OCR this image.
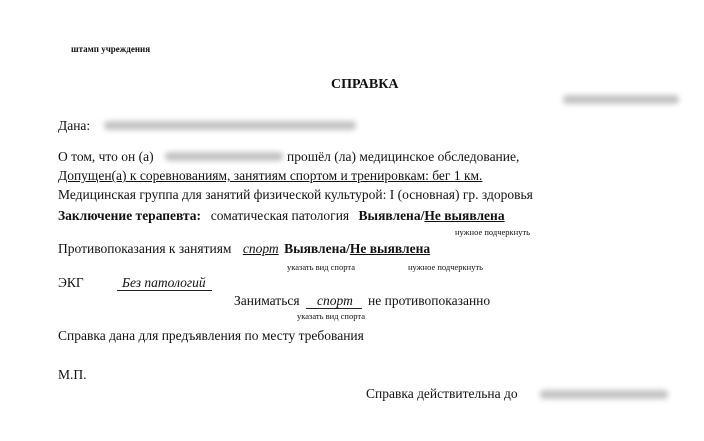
штамп учреждения
СПРАВКА
Дана:
О том, что он (а)	прошёл (ла) медицинское обследование,
Допущен(а) к соревнованиям, занятиям спортом и тренировкам: бег 1 км.
Медицинская группа для занятий физической культурой: I (основная) гр. здоровья
Заключение терапевта: соматическая патология Выявлена/Не выявлена
нужное подчеркнуть
Противопоказания к занятиям спорт Выявлена/Не выявлена
указать вид спорта	нужное подчеркнуть
ЭКГ	Без патологий
Заниматься спорт не противопоказанно
указать вид спорта
Справка дана для предъявления по месту требования
М.П.
Справка действительна до
